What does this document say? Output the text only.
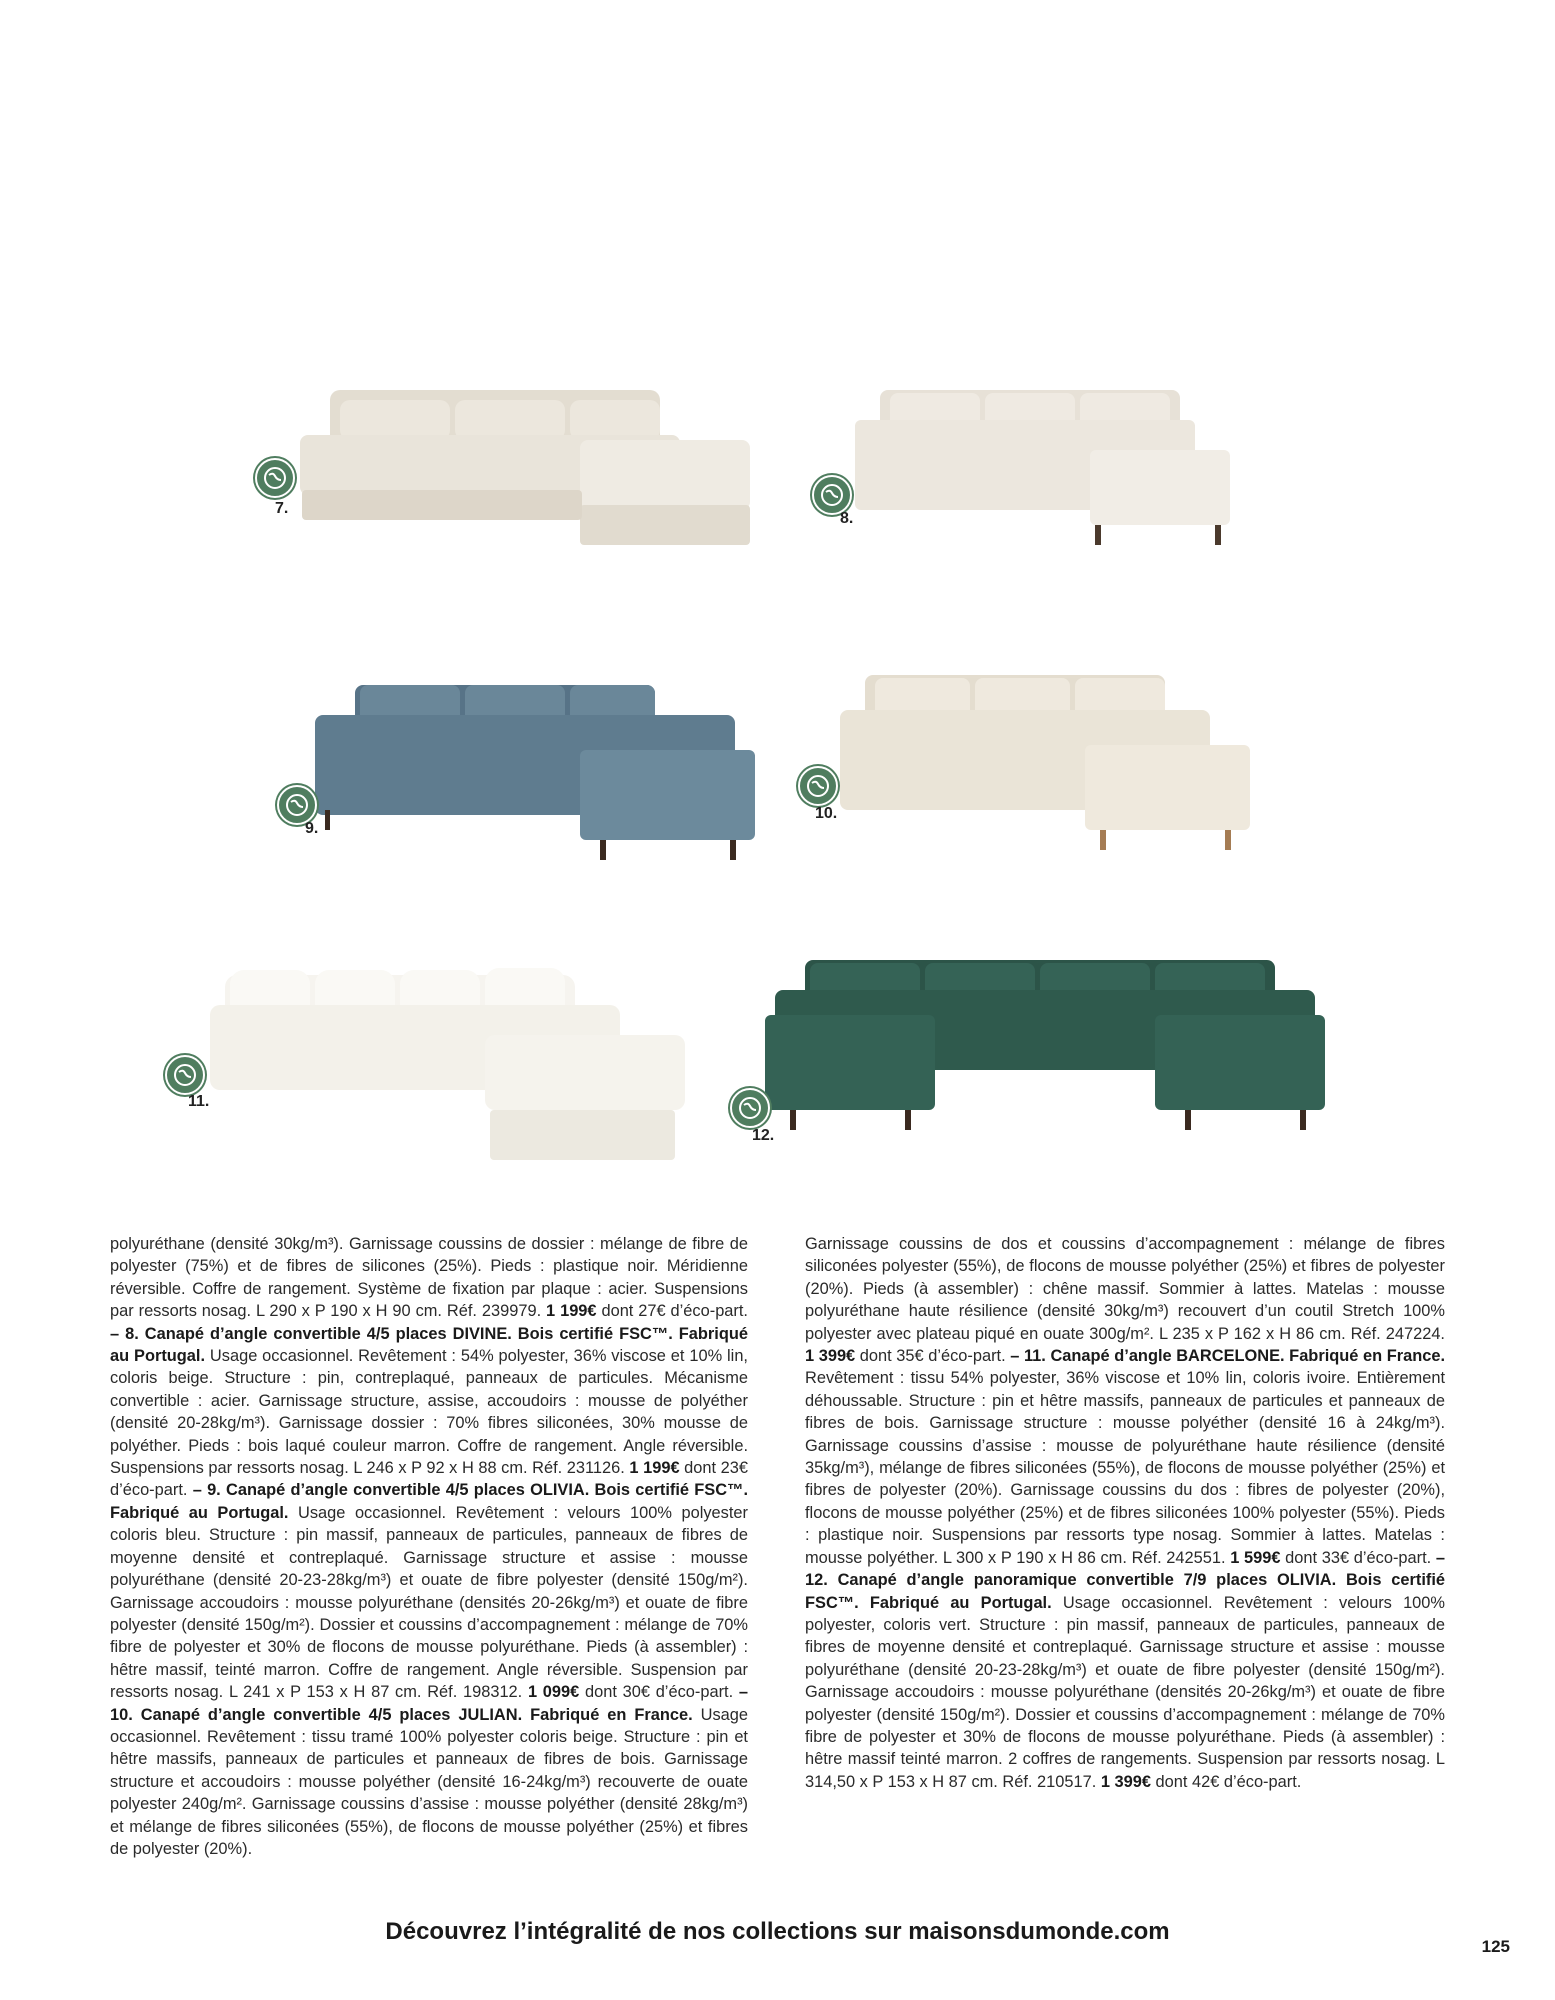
7.
8.
9.
10.
11.
12.
polyuréthane (densité 30kg/m³). Garnissage coussins de dossier : mélange de fibre de polyester (75%) et de fibres de silicones (25%). Pieds : plastique noir. Méridienne réversible. Coffre de rangement. Système de fixation par plaque : acier. Suspensions par ressorts nosag. L 290 x P 190 x H 90 cm. Réf. 239979. 1 199€ dont 27€ d’éco-part. – 8. Canapé d’angle convertible 4/5 places DIVINE. Bois certifié FSC™. Fabriqué au Portugal. Usage occasionnel. Revêtement : 54% polyester, 36% viscose et 10% lin, coloris beige. Structure : pin, contreplaqué, panneaux de particules. Mécanisme convertible : acier. Garnissage structure, assise, accoudoirs : mousse de polyéther (densité 20-28kg/m³). Garnissage dossier : 70% fibres siliconées, 30% mousse de polyéther. Pieds : bois laqué couleur marron. Coffre de rangement. Angle réversible. Suspensions par ressorts nosag. L 246 x P 92 x H 88 cm. Réf. 231126. 1 199€ dont 23€ d’éco-part. – 9. Canapé d’angle convertible 4/5 places OLIVIA. Bois certifié FSC™. Fabriqué au Portugal. Usage occasionnel. Revêtement : velours 100% polyester coloris bleu. Structure : pin massif, panneaux de particules, panneaux de fibres de moyenne densité et contreplaqué. Garnissage structure et assise : mousse polyuréthane (densité 20-23-28kg/m³) et ouate de fibre polyester (densité 150g/m²). Garnissage accoudoirs : mousse polyuréthane (densités 20-26kg/m³) et ouate de fibre polyester (densité 150g/m²). Dossier et coussins d’accompagnement : mélange de 70% fibre de polyester et 30% de flocons de mousse polyuréthane. Pieds (à assembler) : hêtre massif, teinté marron. Coffre de rangement. Angle réversible. Suspension par ressorts nosag. L 241 x P 153 x H 87 cm. Réf. 198312. 1 099€ dont 30€ d’éco-part. – 10. Canapé d’angle convertible 4/5 places JULIAN. Fabriqué en France. Usage occasionnel. Revêtement : tissu tramé 100% polyester coloris beige. Structure : pin et hêtre massifs, panneaux de particules et panneaux de fibres de bois. Garnissage structure et accoudoirs : mousse polyéther (densité 16-24kg/m³) recouverte de ouate polyester 240g/m². Garnissage coussins d’assise : mousse polyéther (densité 28kg/m³) et mélange de fibres siliconées (55%), de flocons de mousse polyéther (25%) et fibres de polyester (20%).
Garnissage coussins de dos et coussins d’accompagnement : mélange de fibres siliconées polyester (55%), de flocons de mousse polyéther (25%) et fibres de polyester (20%). Pieds (à assembler) : chêne massif. Sommier à lattes. Matelas : mousse polyuréthane haute résilience (densité 30kg/m³) recouvert d’un coutil Stretch 100% polyester avec plateau piqué en ouate 300g/m². L 235 x P 162 x H 86 cm. Réf. 247224. 1 399€ dont 35€ d’éco-part. – 11. Canapé d’angle BARCELONE. Fabriqué en France. Revêtement : tissu 54% polyester, 36% viscose et 10% lin, coloris ivoire. Entièrement déhoussable. Structure : pin et hêtre massifs, panneaux de particules et panneaux de fibres de bois. Garnissage structure : mousse polyéther (densité 16 à 24kg/m³). Garnissage coussins d’assise : mousse de polyuréthane haute résilience (densité 35kg/m³), mélange de fibres siliconées (55%), de flocons de mousse polyéther (25%) et fibres de polyester (20%). Garnissage coussins du dos : fibres de polyester (20%), flocons de mousse polyéther (25%) et de fibres siliconées 100% polyester (55%). Pieds : plastique noir. Suspensions par ressorts type nosag. Sommier à lattes. Matelas : mousse polyéther. L 300 x P 190 x H 86 cm. Réf. 242551. 1 599€ dont 33€ d’éco-part. – 12. Canapé d’angle panoramique convertible 7/9 places OLIVIA. Bois certifié FSC™. Fabriqué au Portugal. Usage occasionnel. Revêtement : velours 100% polyester, coloris vert. Structure : pin massif, panneaux de particules, panneaux de fibres de moyenne densité et contreplaqué. Garnissage structure et assise : mousse polyuréthane (densité 20-23-28kg/m³) et ouate de fibre polyester (densité 150g/m²). Garnissage accoudoirs : mousse polyuréthane (densités 20-26kg/m³) et ouate de fibre polyester (densité 150g/m²). Dossier et coussins d’accompagnement : mélange de 70% fibre de polyester et 30% de flocons de mousse polyuréthane. Pieds (à assembler) : hêtre massif teinté marron. 2 coffres de rangements. Suspension par ressorts nosag. L 314,50 x P 153 x H 87 cm. Réf. 210517. 1 399€ dont 42€ d’éco-part.
Découvrez l’intégralité de nos collections sur maisonsdumonde.com
125
